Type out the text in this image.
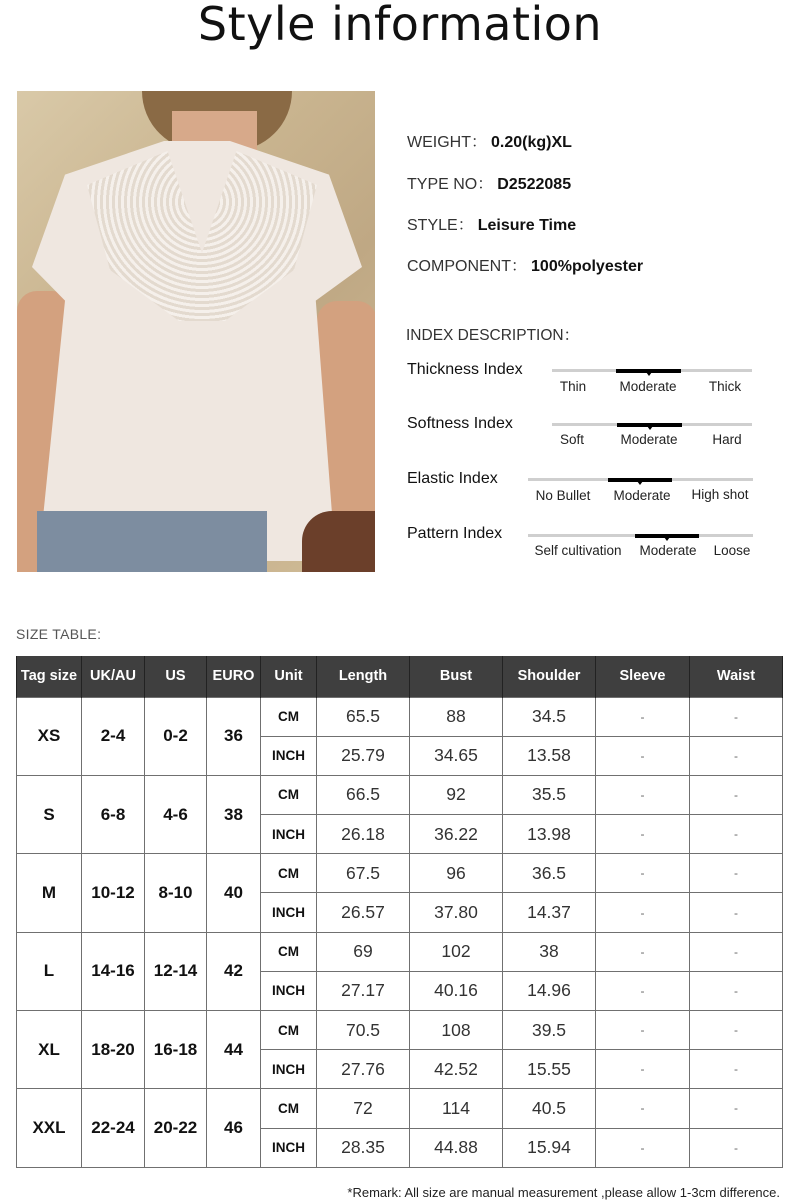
Style information
WEIGHT： 0.20(kg)XL
TYPE NO： D2522085
STYLE： Leisure Time
COMPONENT： 100%polyester
INDEX DESCRIPTION：
Thickness Index
Thin Moderate Thick
Softness Index
Soft	Moderate	Hard
Elastic Index
No Bullet Moderate High shot
Pattern Index
Self cultivation Moderate Loose
SIZE TABLE:
Tag size	UK/AU	US	EURO	Unit	Length	Bust	Shoulder	Sleeve	Waist
XS	2-4	0-2	36	CM	65.5	88	34.5	-	-
				INCH	25.79	34.65	13.58	-	-
S	6-8	4-6	38	CM	66.5	92	35.5	-	-
				INCH	26.18	36.22	13.98	-	-
M	10-12	8-10	40	CM	67.5	96	36.5	-	-
				INCH	26.57	37.80	14.37	-	-
L	14-16	12-14	42	CM	69	102	38	-	-
				INCH	27.17	40.16	14.96	-	-
XL	18-20	16-18	44	CM	70.5	108	39.5	-	-
				INCH	27.76	42.52	15.55	-	-
XXL	22-24	20-22	46	CM	72	114	40.5	-	-
				INCH	28.35	44.88	15.94	-	-
*Remark: All size are manual measurement ,please allow 1-3cm difference.
